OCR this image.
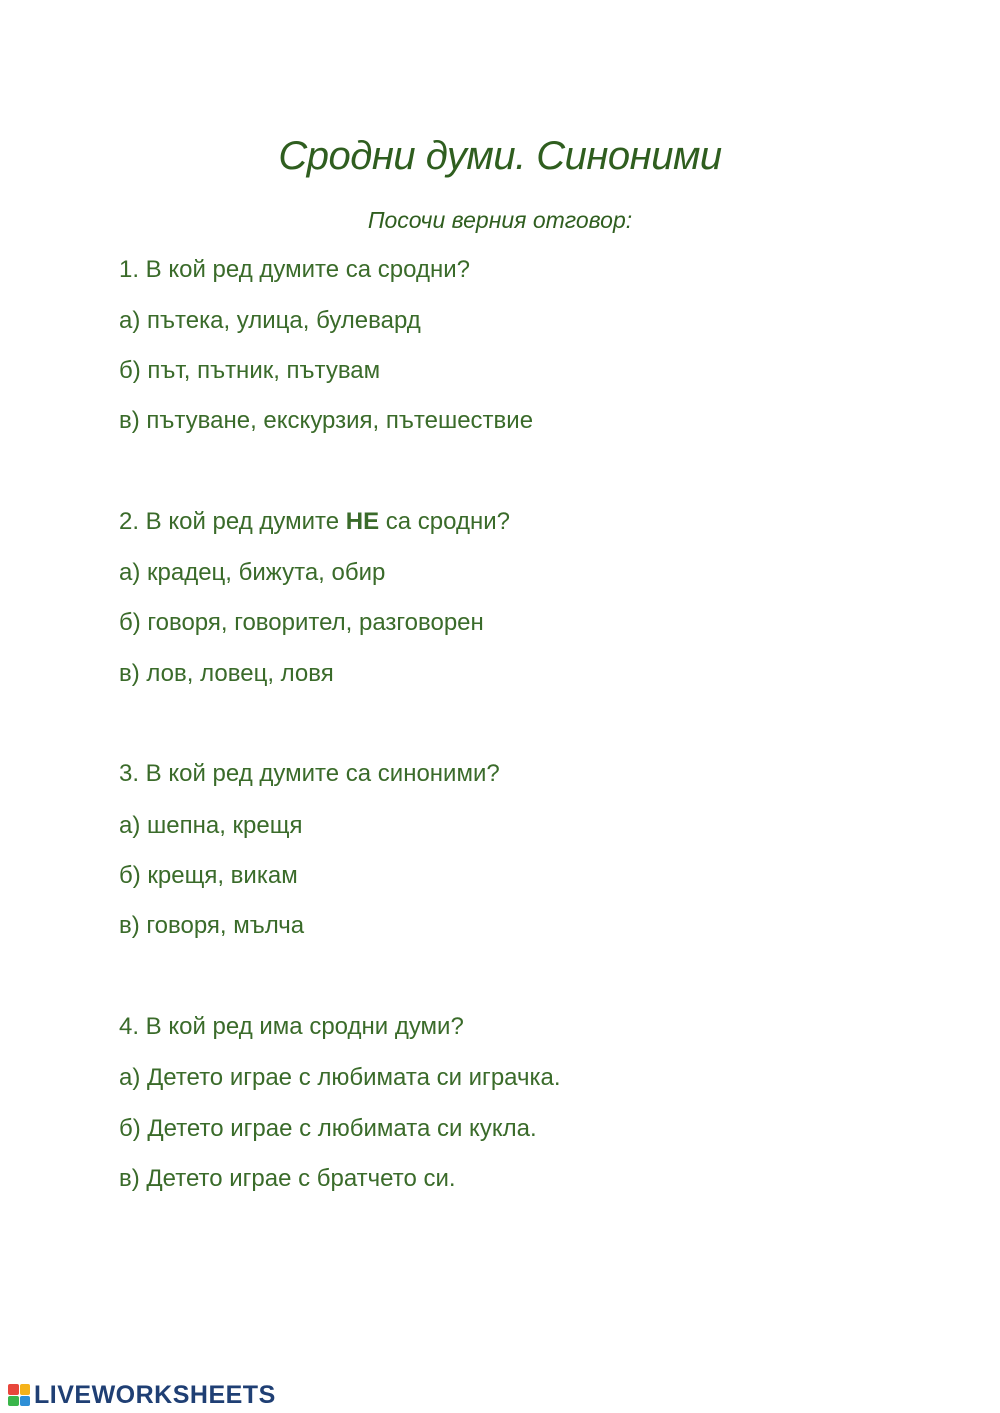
Сродни думи. Синоними
Посочи верния отговор:
1. В кой ред думите са сродни?
а) пътека, улица, булевард
б) път, пътник, пътувам
в) пътуване, екскурзия, пътешествие
2. В кой ред думите НЕ са сродни?
а) крадец, бижута, обир
б) говоря, говорител, разговорен
в) лов, ловец, ловя
3. В кой ред думите са синоними?
а) шепна, крещя
б) крещя, викам
в) говоря, мълча
4. В кой ред има сродни думи?
а) Детето играе с любимата си играчка.
б) Детето играе с любимата си кукла.
в) Детето играе с братчето си.
LIVEWORKSHEETS
